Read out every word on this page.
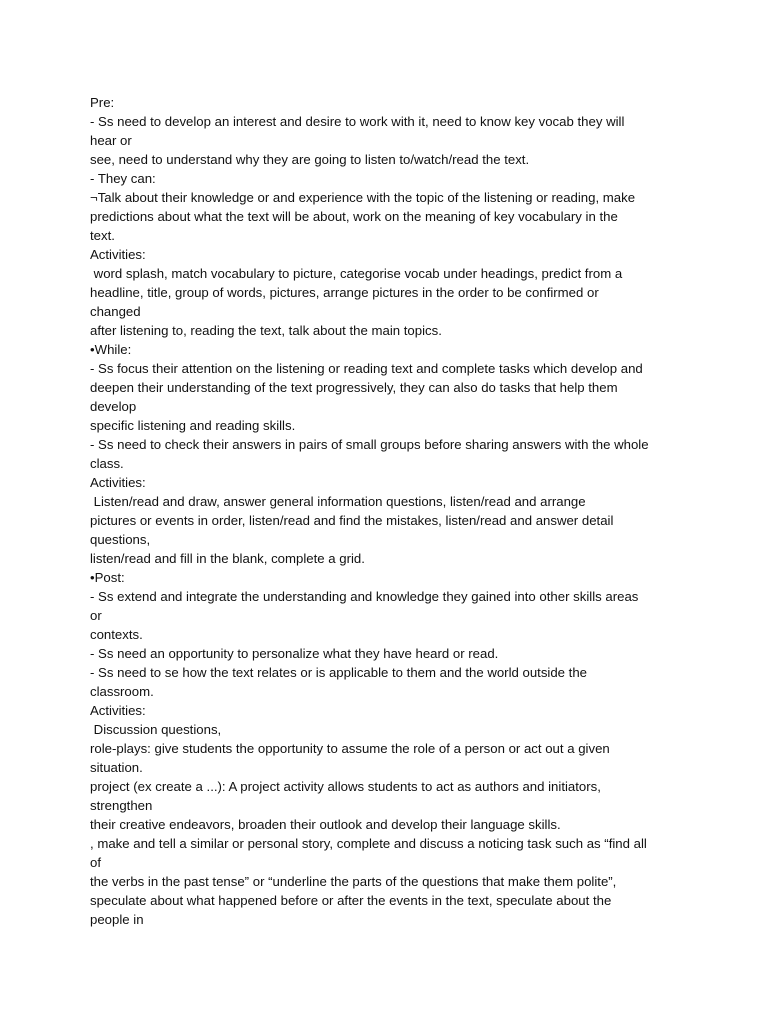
Pre:
- Ss need to develop an interest and desire to work with it, need to know key vocab they will
hear or
see, need to understand why they are going to listen to/watch/read the text.
- They can:
¬Talk about their knowledge or and experience with the topic of the listening or reading, make
predictions about what the text will be about, work on the meaning of key vocabulary in the
text.
Activities:
word splash, match vocabulary to picture, categorise vocab under headings, predict from a
headline, title, group of words, pictures, arrange pictures in the order to be confirmed or
changed
after listening to, reading the text, talk about the main topics.
•While:
- Ss focus their attention on the listening or reading text and complete tasks which develop and
deepen their understanding of the text progressively, they can also do tasks that help them
develop
specific listening and reading skills.
- Ss need to check their answers in pairs of small groups before sharing answers with the whole
class.
Activities:
Listen/read and draw, answer general information questions, listen/read and arrange
pictures or events in order, listen/read and find the mistakes, listen/read and answer detail
questions,
listen/read and fill in the blank, complete a grid.
•Post:
- Ss extend and integrate the understanding and knowledge they gained into other skills areas
or
contexts.
- Ss need an opportunity to personalize what they have heard or read.
- Ss need to se how the text relates or is applicable to them and the world outside the
classroom.
Activities:
Discussion questions,
role-plays: give students the opportunity to assume the role of a person or act out a given
situation.
project (ex create a ...): A project activity allows students to act as authors and initiators,
strengthen
their creative endeavors, broaden their outlook and develop their language skills.
, make and tell a similar or personal story, complete and discuss a noticing task such as “find all
of
the verbs in the past tense” or “underline the parts of the questions that make them polite”,
speculate about what happened before or after the events in the text, speculate about the
people in
